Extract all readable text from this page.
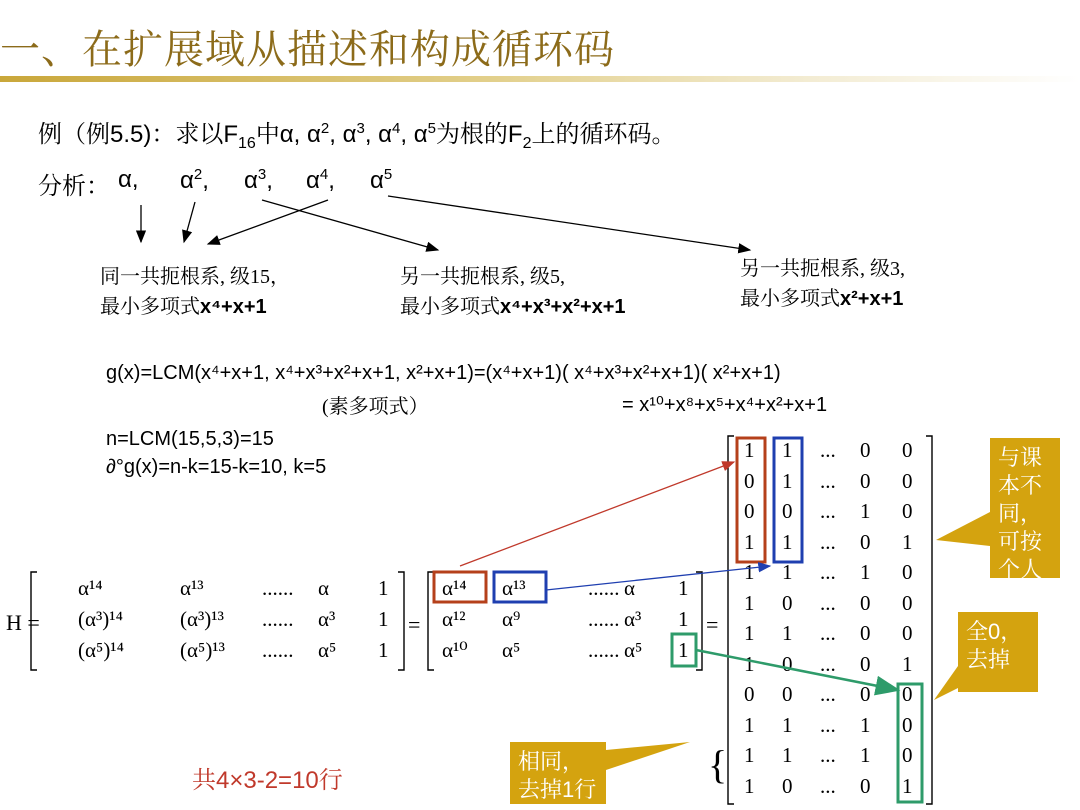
一、在扩展域从描述和构成循环码
例（例5.5)：求以$F_{16}$中α, $\alpha^2$, $\alpha^3$, $\alpha^4$, $\alpha^5$为根的$F_2$上的循环码。
分析： α, $\alpha^2$, $\alpha^3$, $\alpha^4$, $\alpha^5$
同一共扼根系, 级15，
最小多项式x⁴+x+1
另一共扼根系, 级5,
最小多项式x⁴+x³+x²+x+1
另一共扼根系, 级3,
最小多项式x²+x+1
g(x)=LCM(x⁴+x+1, x⁴+x³+x²+x+1, x²+x+1)=(x⁴+x+1)( x⁴+x³+x²+x+1)( x²+x+1)
(素多项式）	= x¹⁰+x⁸+x⁵+x⁴+x²+x+1
n=LCM(15,5,3)=15
∂°g(x)=n-k=15-k=10, k=5
H =	=	=
α¹⁴	α¹³	...... α 1
(α³)¹⁴	(α³)¹³ ...... α³ 1
(α⁵)¹⁴	(α⁵)¹³ ...... α⁵ 1
α¹⁴ α¹³	...... α 1
α¹² α⁹	...... α³ 1
α¹⁰ α⁵	...... α⁵ 1
1 1 ... 0 0
0 1 ... 0 0
0 0 ... 1 0
1 1 ... 0 1
1 1 ... 1 0
1 0 ... 0 0
1 1 ... 0 0
1 0 ... 0 1
0 0 ... 0 0
1 1 ... 1 0
1 1 ... 1 0
1 0 ... 0 1
共4×3-2=10行
与课本不同，可按个人习惯
全0，去掉
相同，去掉1行
{
